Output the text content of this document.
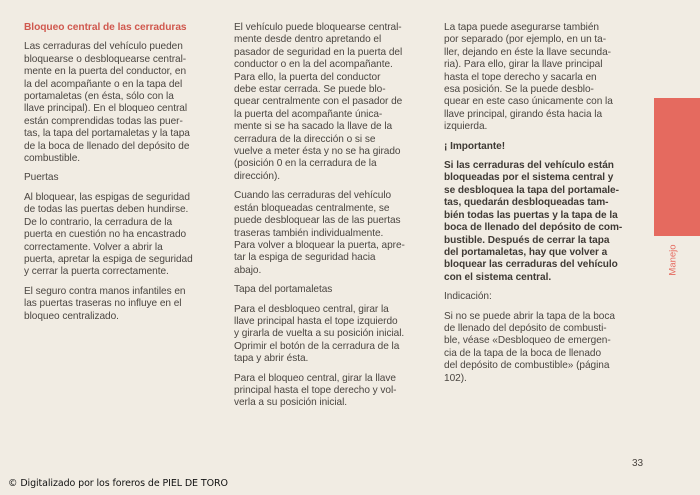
Bloqueo central de las cerraduras

Las cerraduras del vehículo pueden
bloquearse o desbloquearse central-
mente en la puerta del conductor, en
la del acompañante o en la tapa del
portamaletas (en ésta, sólo con la
llave principal). En el bloqueo central
están comprendidas todas las puer-
tas, la tapa del portamaletas y la tapa
de la boca de llenado del depósito de
combustible.

Puertas

Al bloquear, las espigas de seguridad
de todas las puertas deben hundirse.
De lo contrario, la cerradura de la
puerta en cuestión no ha encastrado
correctamente. Volver a abrir la
puerta, apretar la espiga de seguridad
y cerrar la puerta correctamente.

El seguro contra manos infantiles en
las puertas traseras no influye en el
bloqueo centralizado.

El vehículo puede bloquearse central-
mente desde dentro apretando el
pasador de seguridad en la puerta del
conductor o en la del acompañante.
Para ello, la puerta del conductor
debe estar cerrada. Se puede blo-
quear centralmente con el pasador de
la puerta del acompañante única-
mente si se ha sacado la llave de la
cerradura de la dirección o si se
vuelve a meter ésta y no se ha girado
(posición 0 en la cerradura de la
dirección).

Cuando las cerraduras del vehículo
están bloqueadas centralmente, se
puede desbloquear las de las puertas
traseras también individualmente.
Para volver a bloquear la puerta, apre-
tar la espiga de seguridad hacia
abajo.

Tapa del portamaletas

Para el desbloqueo central, girar la
llave principal hasta el tope izquierdo
y girarla de vuelta a su posición inicial.
Oprimir el botón de la cerradura de la
tapa y abrir ésta.

Para el bloqueo central, girar la llave
principal hasta el tope derecho y vol-
verla a su posición inicial.

La tapa puede asegurarse también
por separado (por ejemplo, en un ta-
ller, dejando en éste la llave secunda-
ria). Para ello, girar la llave principal
hasta el tope derecho y sacarla en
esa posición. Se la puede desblo-
quear en este caso únicamente con la
llave principal, girando ésta hacia la
izquierda.

¡ Importante!

Si las cerraduras del vehículo están
bloqueadas por el sistema central y
se desbloquea la tapa del portamale-
tas, quedarán desbloqueadas tam-
bién todas las puertas y la tapa de la
boca de llenado del depósito de com-
bustible. Después de cerrar la tapa
del portamaletas, hay que volver a
bloquear las cerraduras del vehículo
con el sistema central.

Indicación:

Si no se puede abrir la tapa de la boca
de llenado del depósito de combusti-
ble, véase «Desbloqueo de emergen-
cia de la tapa de la boca de llenado
del depósito de combustible» (página
102).

Manejo
33
© Digitalizado por los foreros de PIEL DE TORO
